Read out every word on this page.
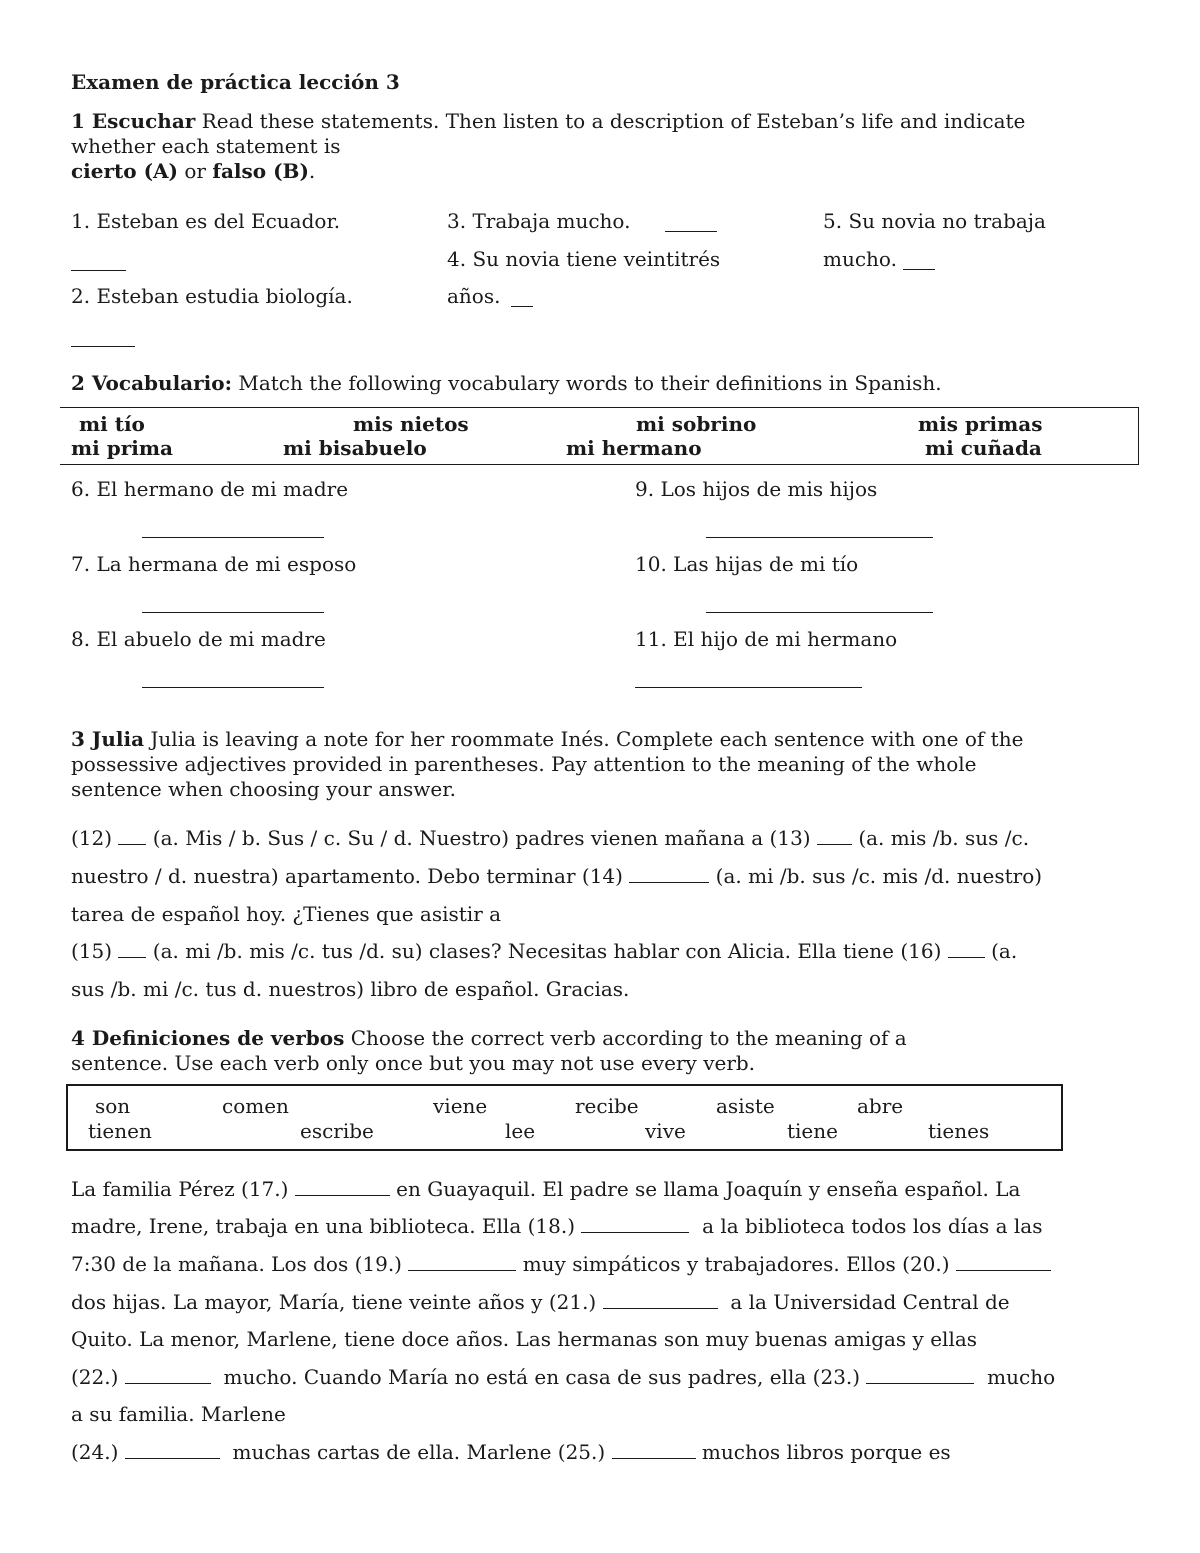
Examen de práctica lección 3
1 Escuchar Read these statements. Then listen to a description of Esteban’s life and indicate
whether each statement is
cierto (A) or falso (B).
1. Esteban es del Ecuador.
2. Esteban estudia biología.
3. Trabaja mucho.
4. Su novia tiene veintitrés
años.
5. Su novia no trabaja
mucho.
2 Vocabulario: Match the following vocabulary words to their definitions in Spanish.
mi tío	mis nietos	mi sobrino	mis primas
mi prima	mi bisabuelo	mi hermano	mi cuñada
6. El hermano de mi madre
7. La hermana de mi esposo
8. El abuelo de mi madre
9. Los hijos de mis hijos
10. Las hijas de mi tío
11. El hijo de mi hermano
3 Julia Julia is leaving a note for her roommate Inés. Complete each sentence with one of the
possessive adjectives provided in parentheses. Pay attention to the meaning of the whole
sentence when choosing your answer.
(12) (a. Mis / b. Sus / c. Su / d. Nuestro) padres vienen mañana a (13) (a. mis /b. sus /c.
nuestro / d. nuestra) apartamento. Debo terminar (14)	(a. mi /b. sus /c. mis /d. nuestro)
tarea de español hoy. ¿Tienes que asistir a
(15) (a. mi /b. mis /c. tus /d. su) clases? Necesitas hablar con Alicia. Ella tiene (16) (a.
sus /b. mi /c. tus d. nuestros) libro de español. Gracias.
4 Definiciones de verbos Choose the correct verb according to the meaning of a
sentence. Use each verb only once but you may not use every verb.
son	comen	viene	recibe	asiste	abre
tienen	escribe	lee	vive	tiene	tienes
La familia Pérez (17.)	en Guayaquil. El padre se llama Joaquín y enseña español. La
madre, Irene, trabaja en una biblioteca. Ella (18.)	a la biblioteca todos los días a las
7:30 de la mañana. Los dos (19.)	muy simpáticos y trabajadores. Ellos (20.)
dos hijas. La mayor, María, tiene veinte años y (21.)	a la Universidad Central de
Quito. La menor, Marlene, tiene doce años. Las hermanas son muy buenas amigas y ellas
(22.)	mucho. Cuando María no está en casa de sus padres, ella (23.)	mucho
a su familia. Marlene
(24.)	muchas cartas de ella. Marlene (25.)	muchos libros porque es
